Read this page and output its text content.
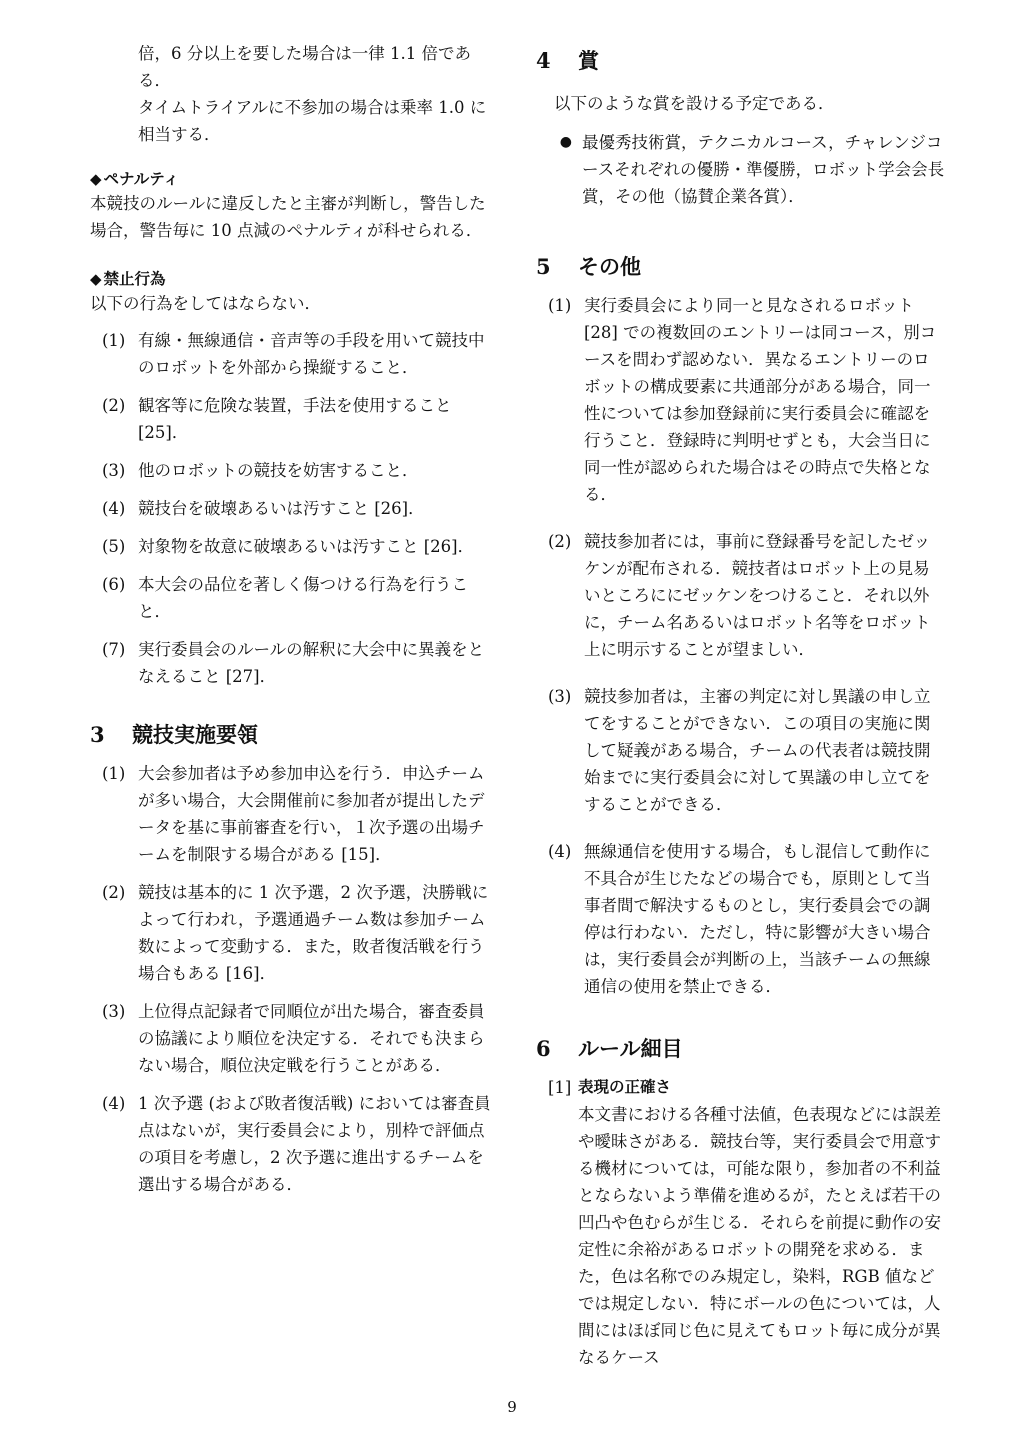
倍，6 分以上を要した場合は一律 1.1 倍である．

タイムトライアルに不参加の場合は乗率 1.0 に相当する．

◆ ペナルティ

本競技のルールに違反したと主審が判断し，警告した場合，警告毎に 10 点減のペナルティが科せられる．

◆ 禁止行為

以下の行為をしてはならない．

(1) 有線・無線通信・音声等の手段を用いて競技中のロボットを外部から操縦すること．
(2) 観客等に危険な装置，手法を使用すること [25]．
(3) 他のロボットの競技を妨害すること．
(4) 競技台を破壊あるいは汚すこと [26]．
(5) 対象物を故意に破壊あるいは汚すこと [26]．
(6) 本大会の品位を著しく傷つける行為を行うこと．
(7) 実行委員会のルールの解釈に大会中に異義をとなえること [27]．
3	競技実施要領
(1) 大会参加者は予め参加申込を行う．申込チームが多い場合，大会開催前に参加者が提出したデータを基に事前審査を行い，１次予選の出場チームを制限する場合がある [15]．
(2) 競技は基本的に 1 次予選，2 次予選，決勝戦によって行われ，予選通過チーム数は参加チーム数によって変動する．また，敗者復活戦を行う場合もある [16]．
(3) 上位得点記録者で同順位が出た場合，審査委員の協議により順位を決定する．それでも決まらない場合，順位決定戦を行うことがある．
(4) 1 次予選 (および敗者復活戦) においては審査員点はないが，実行委員会により，別枠で評価点の項目を考慮し，2 次予選に進出するチームを選出する場合がある．
4	賞

以下のような賞を設ける予定である．

● 最優秀技術賞，テクニカルコース，チャレンジコースそれぞれの優勝・準優勝，ロボット学会会長賞，その他（協賛企業各賞）．
5	その他
(1) 実行委員会により同一と見なされるロボット [28] での複数回のエントリーは同コース，別コースを問わず認めない．異なるエントリーのロボットの構成要素に共通部分がある場合，同一性については参加登録前に実行委員会に確認を行うこと．登録時に判明せずとも，大会当日に同一性が認められた場合はその時点で失格となる．
(2) 競技参加者には，事前に登録番号を記したゼッケンが配布される．競技者はロボット上の見易いところににゼッケンをつけること．それ以外に，チーム名あるいはロボット名等をロボット上に明示することが望ましい．
(3) 競技参加者は，主審の判定に対し異議の申し立てをすることができない．この項目の実施に関して疑義がある場合，チームの代表者は競技開始までに実行委員会に対して異議の申し立てをすることができる．
(4) 無線通信を使用する場合，もし混信して動作に不具合が生じたなどの場合でも，原則として当事者間で解決するものとし，実行委員会での調停は行わない．ただし，特に影響が大きい場合は，実行委員会が判断の上，当該チームの無線通信の使用を禁止できる．
6	ルール細目
[1] 表現の正確さ

本文書における各種寸法値，色表現などには誤差や曖昧さがある．競技台等，実行委員会で用意する機材については，可能な限り，参加者の不利益とならないよう準備を進めるが，たとえば若干の凹凸や色むらが生じる．それらを前提に動作の安定性に余裕があるロボットの開発を求める．また，色は名称でのみ規定し，染料，RGB 値などでは規定しない．特にボールの色については，人間にはほぼ同じ色に見えてもロット毎に成分が異なるケース

9
